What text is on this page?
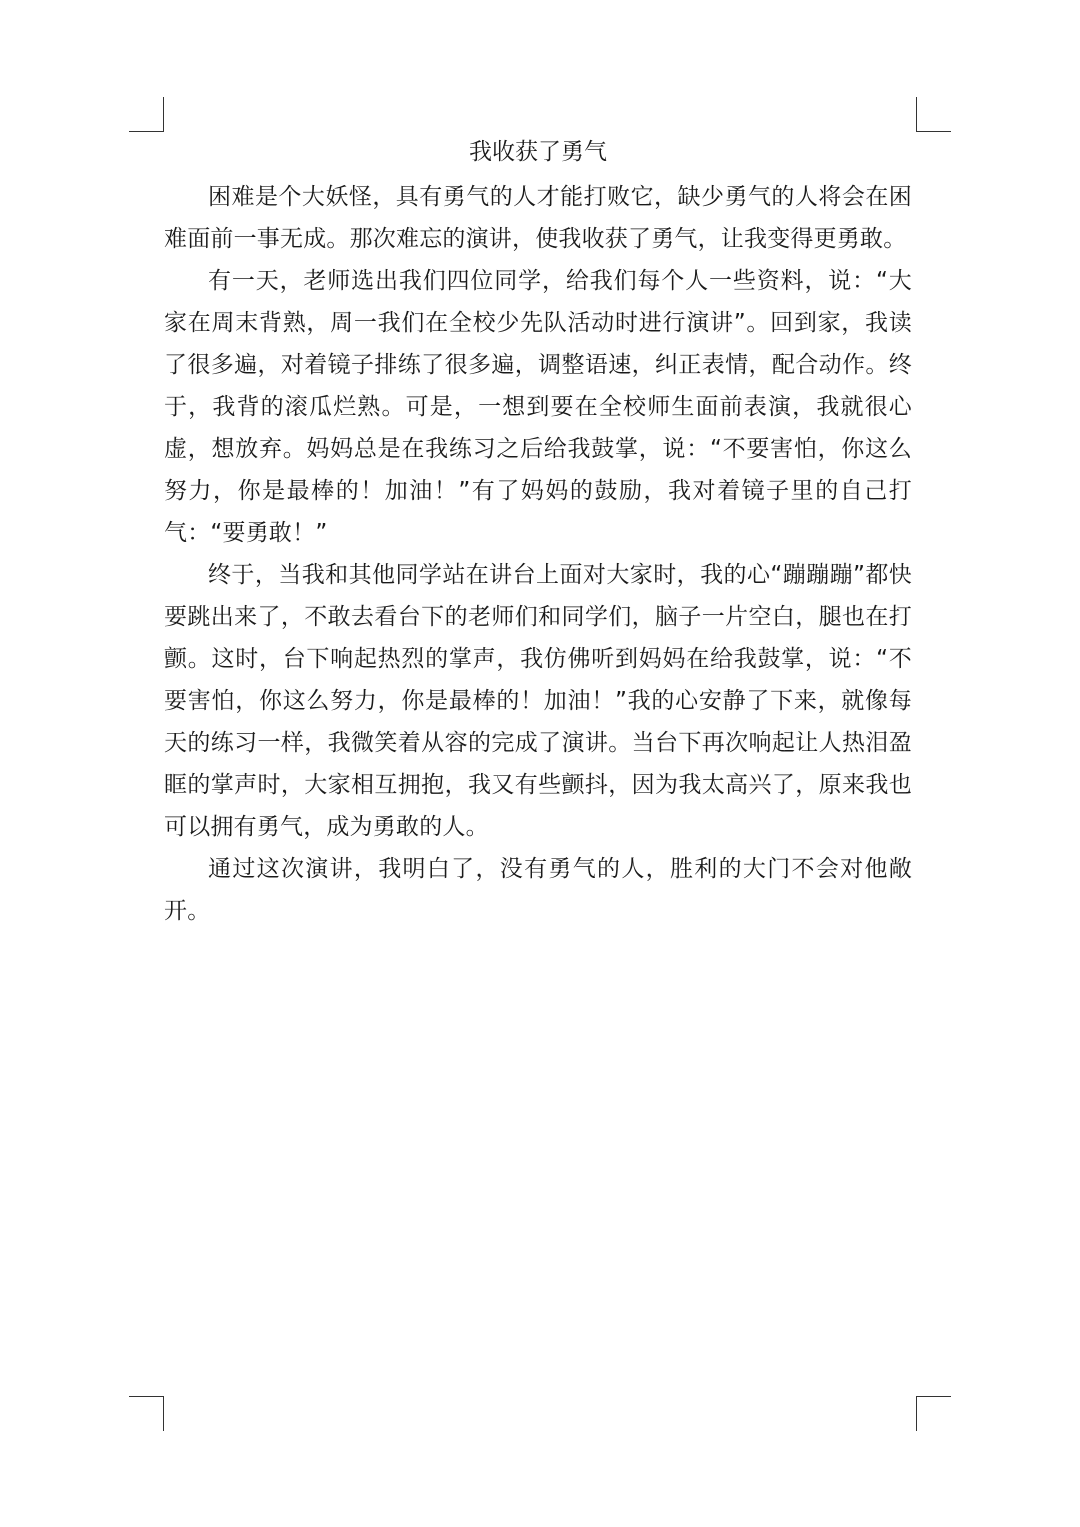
我收获了勇气

困难是个大妖怪，具有勇气的人才能打败它，缺少勇气的人将会在困难面前一事无成。那次难忘的演讲，使我收获了勇气，让我变得更勇敢。

有一天，老师选出我们四位同学，给我们每个人一些资料，说：“大家在周末背熟，周一我们在全校少先队活动时进行演讲”。回到家，我读了很多遍，对着镜子排练了很多遍，调整语速，纠正表情，配合动作。终于，我背的滚瓜烂熟。可是，一想到要在全校师生面前表演，我就很心虚，想放弃。妈妈总是在我练习之后给我鼓掌，说：“不要害怕，你这么努力，你是最棒的！加油！”有了妈妈的鼓励，我对着镜子里的自己打气：“要勇敢！”

终于，当我和其他同学站在讲台上面对大家时，我的心“蹦蹦蹦”都快要跳出来了，不敢去看台下的老师们和同学们，脑子一片空白，腿也在打颤。这时，台下响起热烈的掌声，我仿佛听到妈妈在给我鼓掌，说：“不要害怕，你这么努力，你是最棒的！加油！”我的心安静了下来，就像每天的练习一样，我微笑着从容的完成了演讲。当台下再次响起让人热泪盈眶的掌声时，大家相互拥抱，我又有些颤抖，因为我太高兴了，原来我也可以拥有勇气，成为勇敢的人。

通过这次演讲，我明白了，没有勇气的人，胜利的大门不会对他敞开。
